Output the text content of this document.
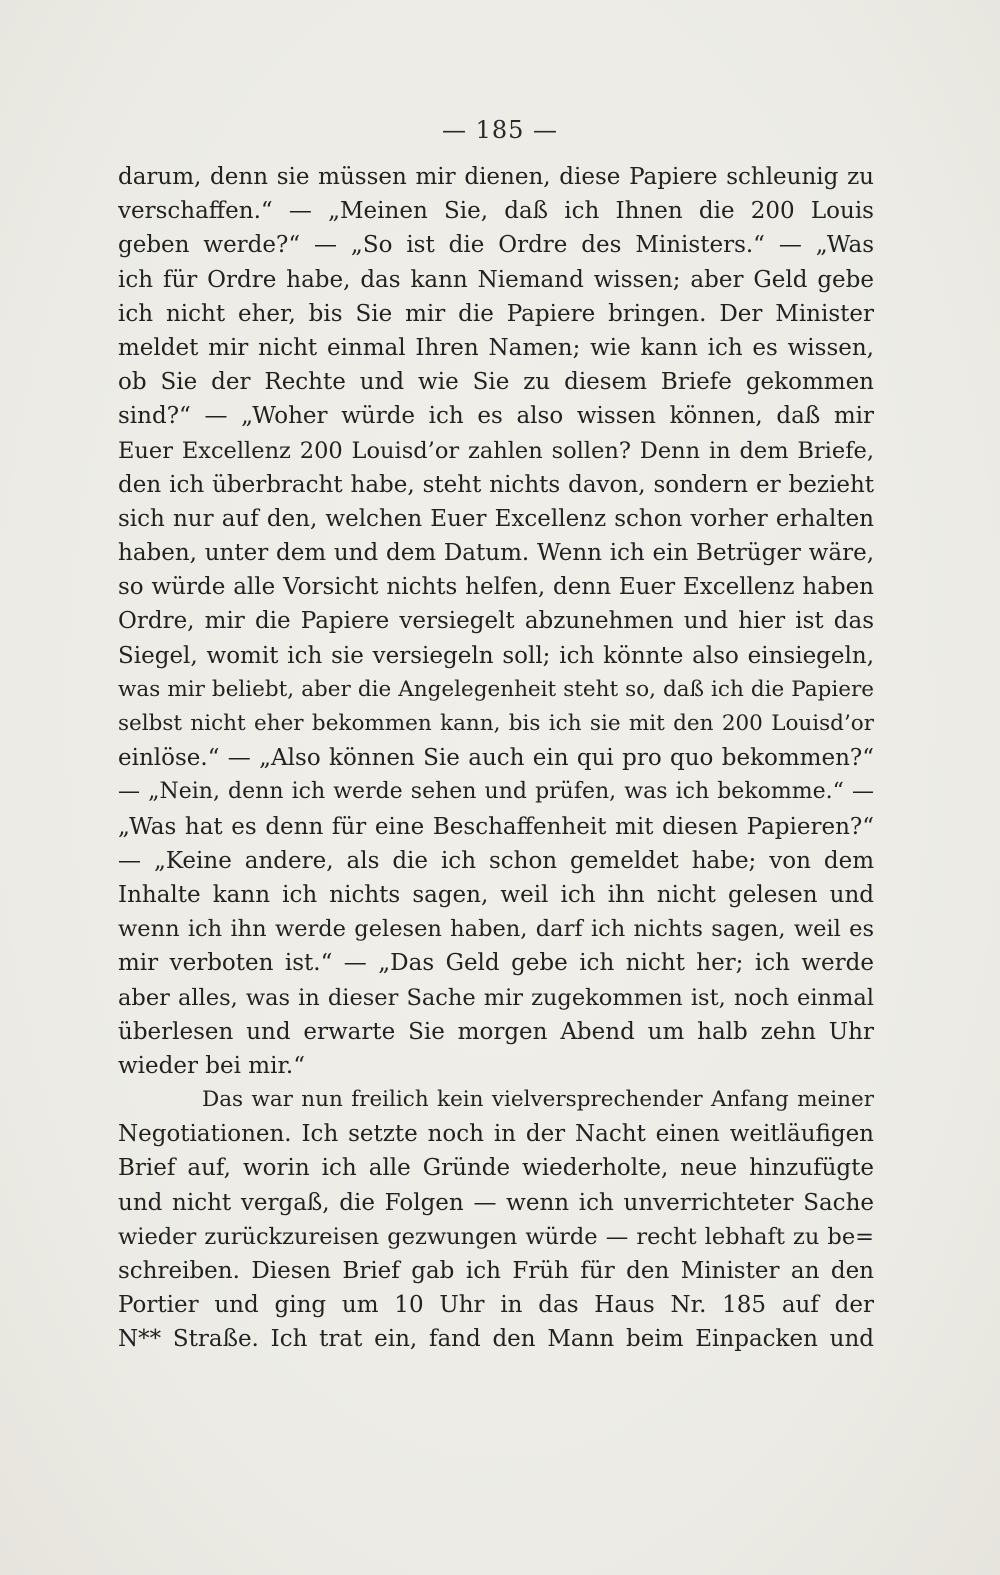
— 185 —
darum, denn sie müssen mir dienen, diese Papiere schleunig zu
verschaffen.“ — „Meinen Sie, daß ich Ihnen die 200 Louis
geben werde?“ — „So ist die Ordre des Ministers.“ — „Was
ich für Ordre habe, das kann Niemand wissen; aber Geld gebe
ich nicht eher, bis Sie mir die Papiere bringen. Der Minister
meldet mir nicht einmal Ihren Namen; wie kann ich es wissen,
ob Sie der Rechte und wie Sie zu diesem Briefe gekommen
sind?“ — „Woher würde ich es also wissen können, daß mir
Euer Excellenz 200 Louisd’or zahlen sollen? Denn in dem Briefe,
den ich überbracht habe, steht nichts davon, sondern er bezieht
sich nur auf den, welchen Euer Excellenz schon vorher erhalten
haben, unter dem und dem Datum. Wenn ich ein Betrüger wäre,
so würde alle Vorsicht nichts helfen, denn Euer Excellenz haben
Ordre, mir die Papiere versiegelt abzunehmen und hier ist das
Siegel, womit ich sie versiegeln soll; ich könnte also einsiegeln,
was mir beliebt, aber die Angelegenheit steht so, daß ich die Papiere
selbst nicht eher bekommen kann, bis ich sie mit den 200 Louisd’or
einlöse.“ — „Also können Sie auch ein qui pro quo bekommen?“
— „Nein, denn ich werde sehen und prüfen, was ich bekomme.“ —
„Was hat es denn für eine Beschaffenheit mit diesen Papieren?“
— „Keine andere, als die ich schon gemeldet habe; von dem
Inhalte kann ich nichts sagen, weil ich ihn nicht gelesen und
wenn ich ihn werde gelesen haben, darf ich nichts sagen, weil es
mir verboten ist.“ — „Das Geld gebe ich nicht her; ich werde
aber alles, was in dieser Sache mir zugekommen ist, noch einmal
überlesen und erwarte Sie morgen Abend um halb zehn Uhr
wieder bei mir.“
Das war nun freilich kein vielversprechender Anfang meiner
Negotiationen. Ich setzte noch in der Nacht einen weitläufigen
Brief auf, worin ich alle Gründe wiederholte, neue hinzufügte
und nicht vergaß, die Folgen — wenn ich unverrichteter Sache
wieder zurückzureisen gezwungen würde — recht lebhaft zu be=
schreiben. Diesen Brief gab ich Früh für den Minister an den
Portier und ging um 10 Uhr in das Haus Nr. 185 auf der
N** Straße. Ich trat ein, fand den Mann beim Einpacken und
